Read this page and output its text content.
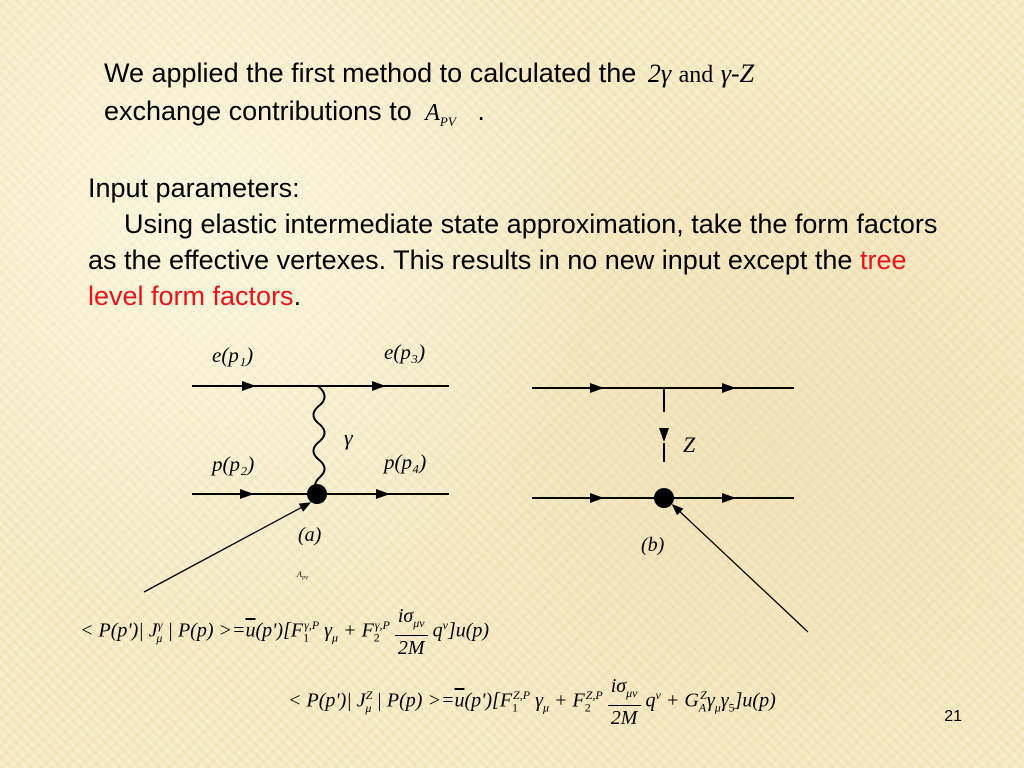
We applied the first method to calculated the 2γ and γ-Z
exchange contributions to $A_{PV}$ .

Input parameters:
Using elastic intermediate state approximation, take the form factors as the effective vertexes. This results in no new input except the tree level form factors.

e(p₁)	e(p₃)
p(p₂)	p(p₄)
γ
(a)
$A_{PV}$
Z
(b)
< P(p')| $J^\gamma_\mu$ | $P(p) >=\overline{u}(p')[F_1^{\gamma,P}$ $\gamma_\mu + F_2^{\gamma,P} \frac{i\sigma_{\mu\nu}}{2M} q^\nu]u(p)$
< P(p')| $J^Z_\mu$ | $P(p) >=\overline{u}(p')[F_1^{Z,P}$ $\gamma_\mu + F_2^{Z,P} \frac{i\sigma_{\mu\nu}}{2M} q^\nu + G_A^Z\gamma_\mu\gamma_5]u(p)$
21
